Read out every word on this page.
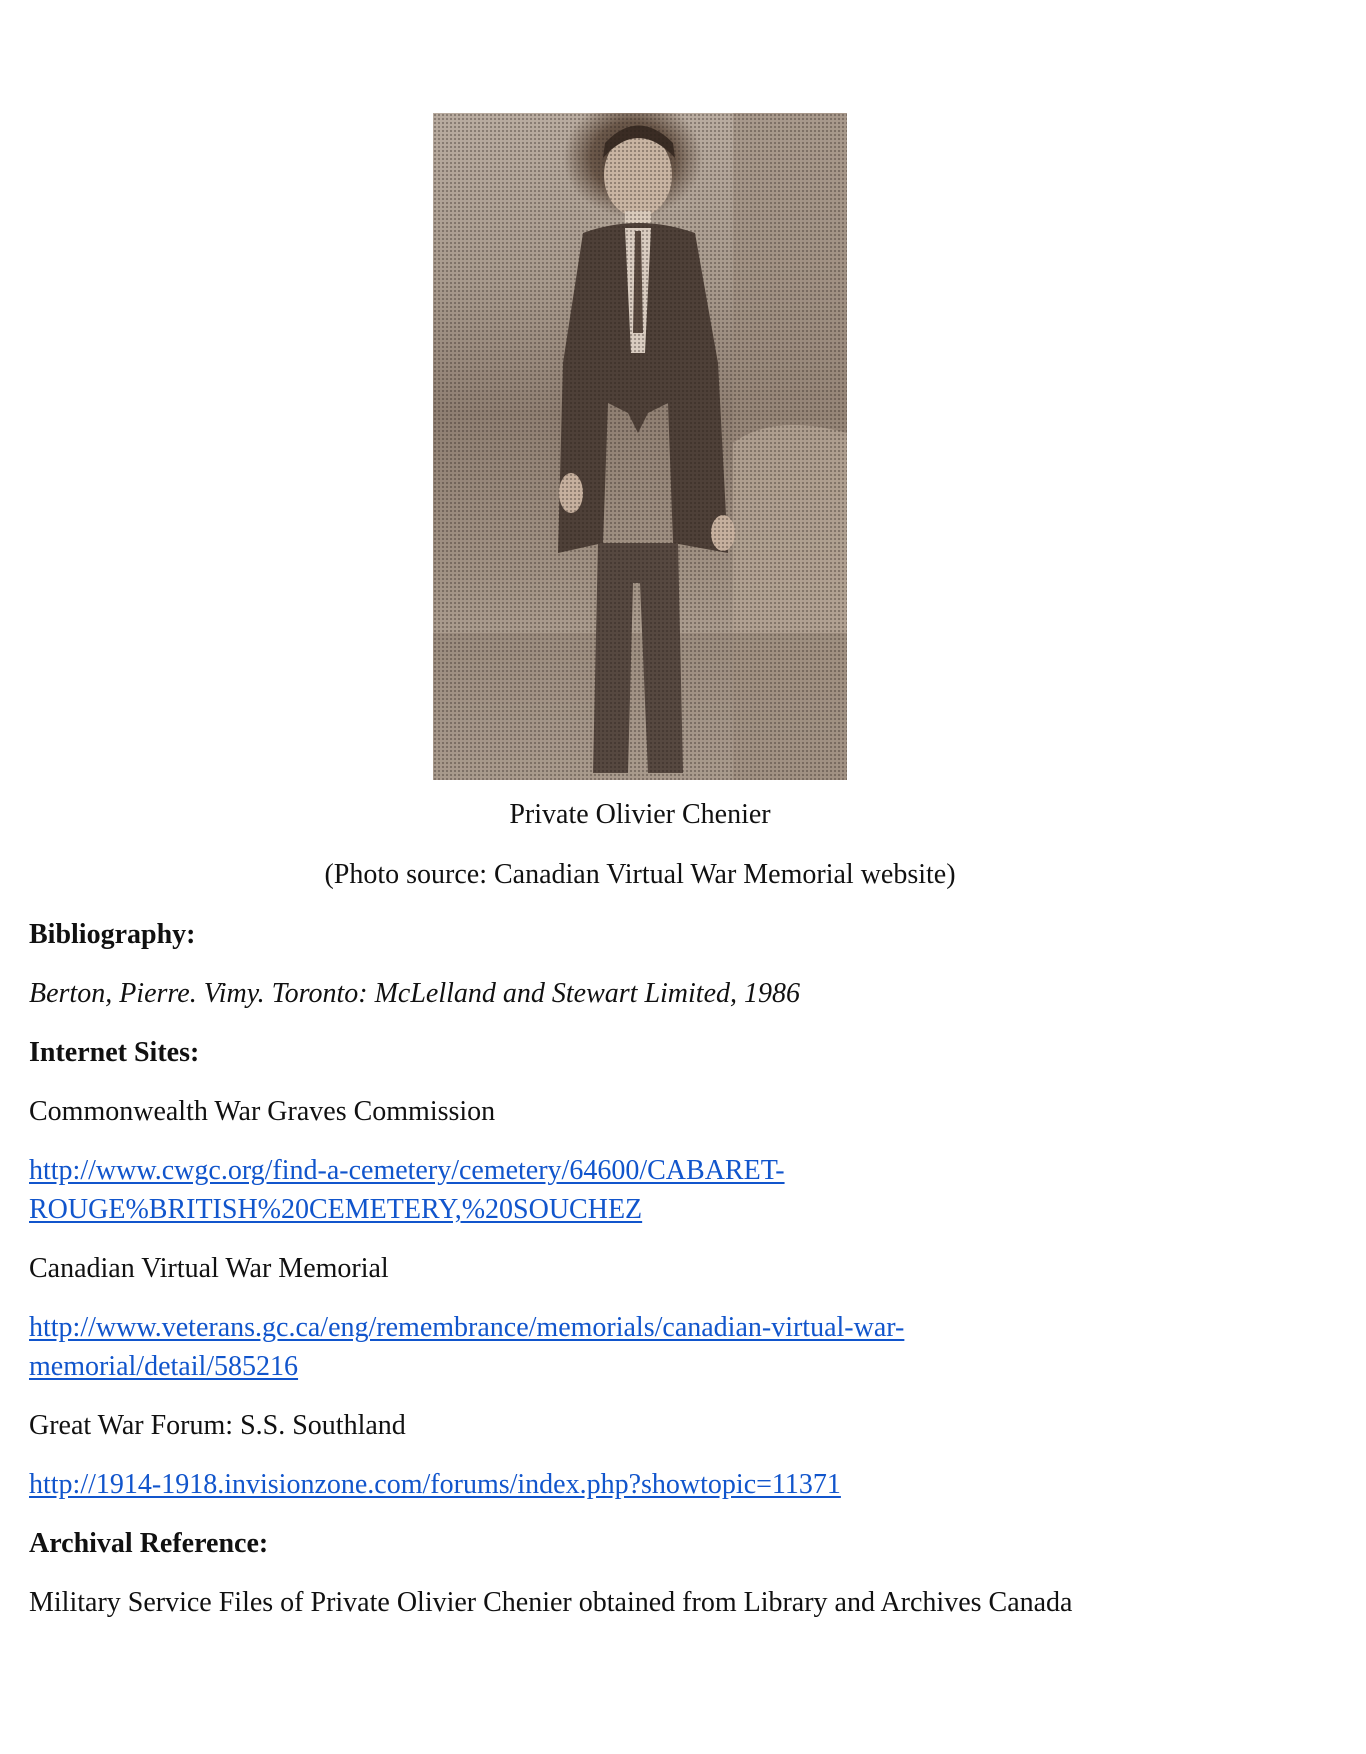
Private Olivier Chenier

(Photo source: Canadian Virtual War Memorial website)

Bibliography:

Berton, Pierre. Vimy. Toronto: McLelland and Stewart Limited, 1986

Internet Sites:

Commonwealth War Graves Commission

http://www.cwgc.org/find-a-cemetery/cemetery/64600/CABARET-
ROUGE%BRITISH%20CEMETERY,%20SOUCHEZ

Canadian Virtual War Memorial

http://www.veterans.gc.ca/eng/remembrance/memorials/canadian-virtual-war-
memorial/detail/585216

Great War Forum: S.S. Southland

http://1914-1918.invisionzone.com/forums/index.php?showtopic=11371

Archival Reference:

Military Service Files of Private Olivier Chenier obtained from Library and Archives Canada
